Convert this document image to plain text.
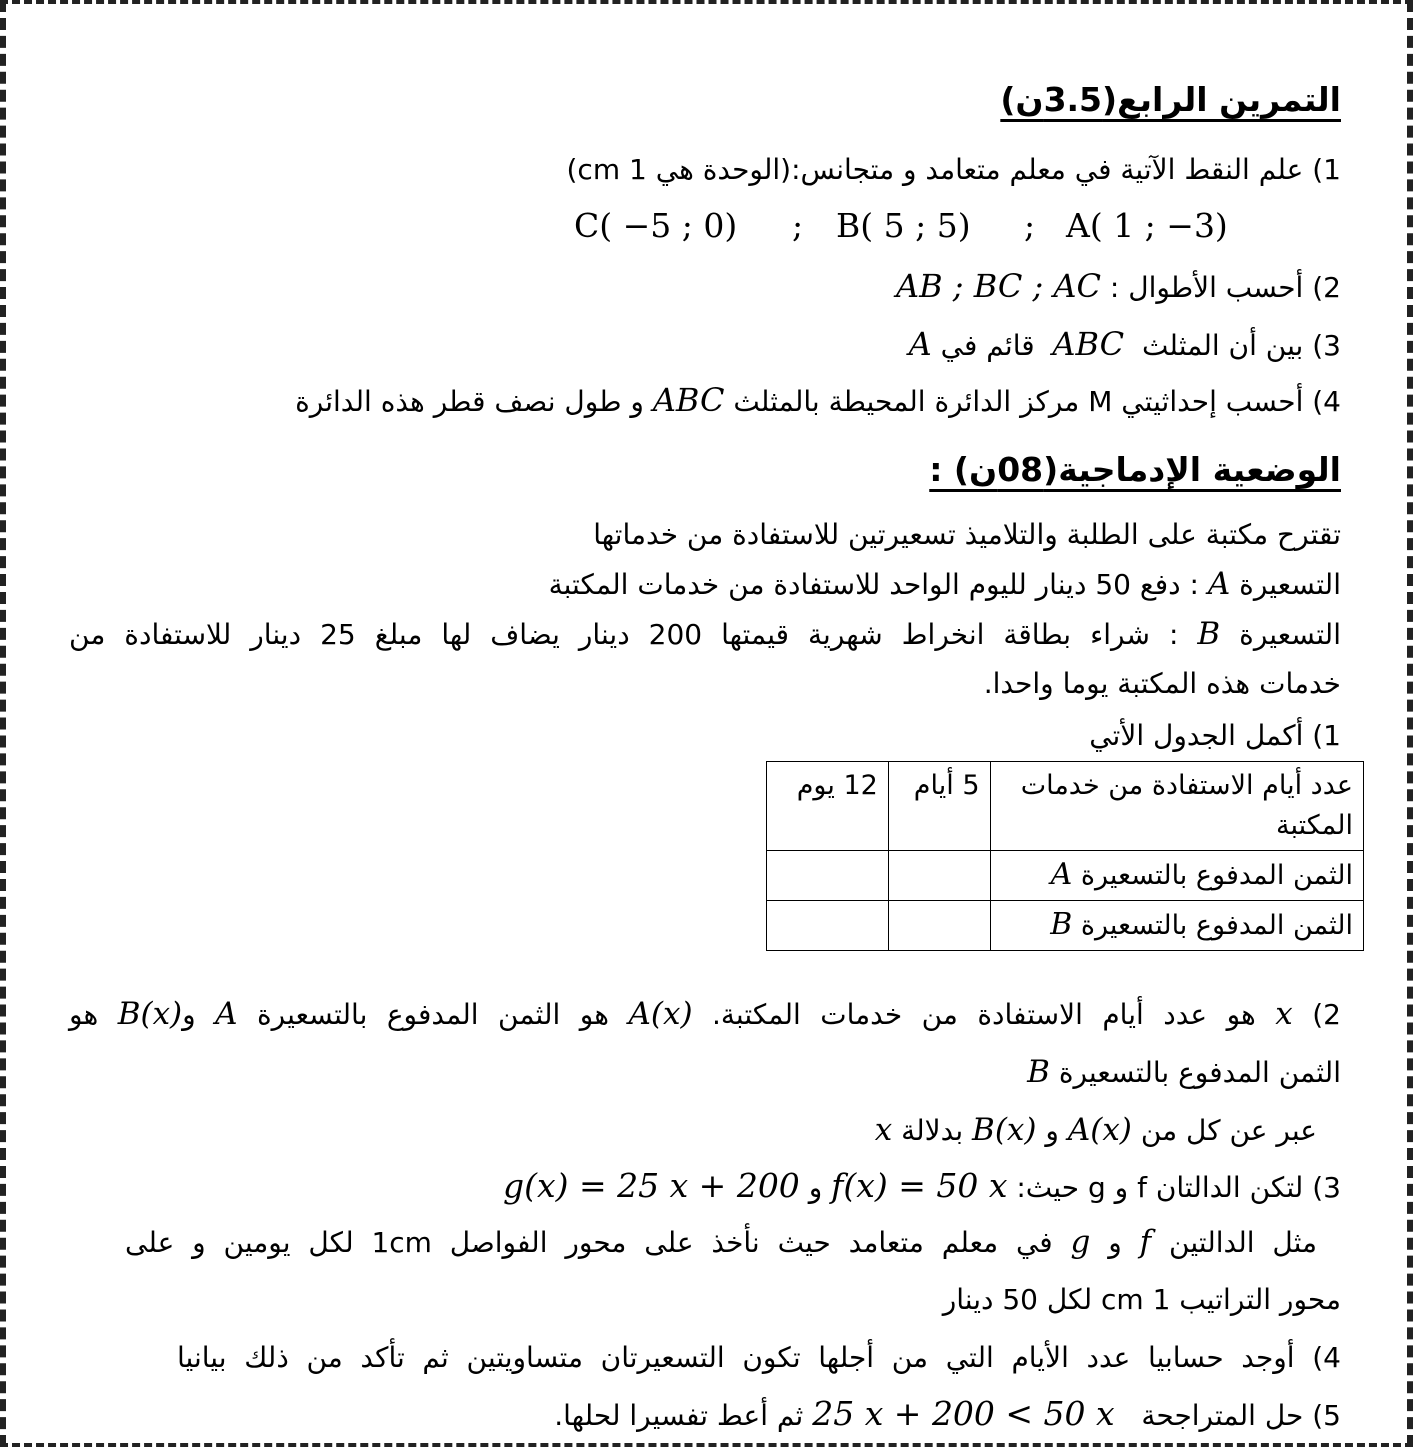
التمرين الرابع(3.5ن)
1) علم النقط الآتية في معلم متعامد و متجانس:(الوحدة هي 1 cm)
C( −5 ; 0) ; B( 5 ; 5) ; A( 1 ; −3)
2) أحسب الأطوال : AB ; BC ; AC
3) بين أن المثلث  ABC  قائم في A
4) أحسب إحداثيتي M مركز الدائرة المحيطة بالمثلث ABC و طول نصف قطر هذه الدائرة
الوضعية الإدماجية(08ن) :
تقترح مكتبة على الطلبة والتلاميذ تسعيرتين للاستفادة من خدماتها
التسعيرة A : دفع 50 دينار لليوم الواحد للاستفادة من خدمات المكتبة
التسعيرة B : شراء بطاقة انخراط شهرية قيمتها 200 دينار يضاف لها مبلغ 25 دينار للاستفادة من
خدمات هذه المكتبة يوما واحدا.
1) أكمل الجدول الأتي
عدد أيام الاستفادة من خدمات المكتبة	5 أيام	12 يوم
الثمن المدفوع بالتسعيرة A		
الثمن المدفوع بالتسعيرة B		
2) x هو عدد أيام الاستفادة من خدمات المكتبة. A(x) هو الثمن المدفوع بالتسعيرة A وB(x) هو
الثمن المدفوع بالتسعيرة B
عبر عن كل من A(x) و B(x) بدلالة x
3) لتكن الدالتان f و g حيث: f(x) = 50 x و g(x) = 25 x + 200
مثل الدالتين f و g في معلم متعامد حيث نأخذ على محور الفواصل 1cm لكل يومين و على
محور التراتيب 1 cm لكل 50 دينار
4) أوجد حسابيا عدد الأيام التي من أجلها تكون التسعيرتان متساويتين ثم تأكد من ذلك بيانيا
5) حل المتراجحة   25 x + 200 < 50 x ثم أعط تفسيرا لحلها.
